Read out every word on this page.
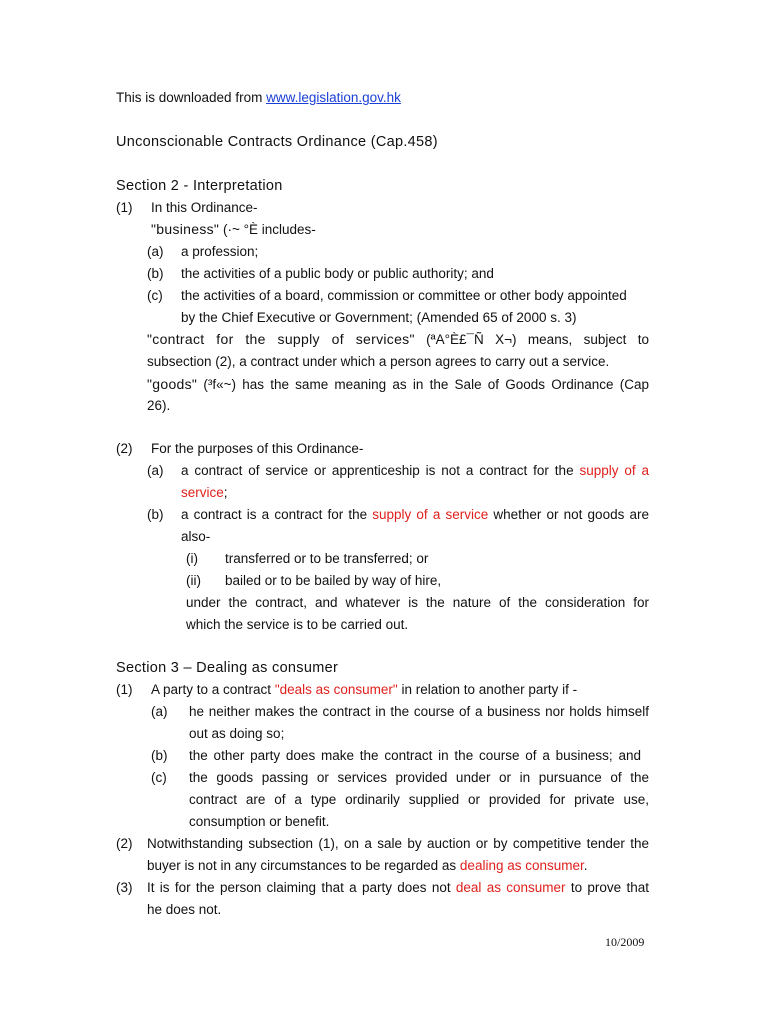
This is downloaded from www.legislation.gov.hk
Unconscionable Contracts Ordinance (Cap.458)
Section 2 - Interpretation
(1) In this Ordinance-
"business" (·~ °È includes-
(a) a profession;
(b) the activities of a public body or public authority; and
(c) the activities of a board, commission or committee or other body appointed
by the Chief Executive or Government; (Amended 65 of 2000 s. 3)
"contract for the supply of services" (ªA°È£¯Ñ X¬) means, subject to
subsection (2), a contract under which a person agrees to carry out a service.
"goods" (³f«~) has the same meaning as in the Sale of Goods Ordinance (Cap
26).
(2) For the purposes of this Ordinance-
(a) a contract of service or apprenticeship is not a contract for the supply of a
service;
(b) a contract is a contract for the supply of a service whether or not goods are
also-
(i) transferred or to be transferred; or
(ii) bailed or to be bailed by way of hire,
under the contract, and whatever is the nature of the consideration for
which the service is to be carried out.
Section 3 – Dealing as consumer
(1) A party to a contract "deals as consumer" in relation to another party if -
(a) he neither makes the contract in the course of a business nor holds himself
out as doing so;
(b) the other party does make the contract in the course of a business; and
(c) the goods passing or services provided under or in pursuance of the
contract are of a type ordinarily supplied or provided for private use,
consumption or benefit.
(2) Notwithstanding subsection (1), on a sale by auction or by competitive tender the
buyer is not in any circumstances to be regarded as dealing as consumer.
(3) It is for the person claiming that a party does not deal as consumer to prove that
he does not.
10/2009
